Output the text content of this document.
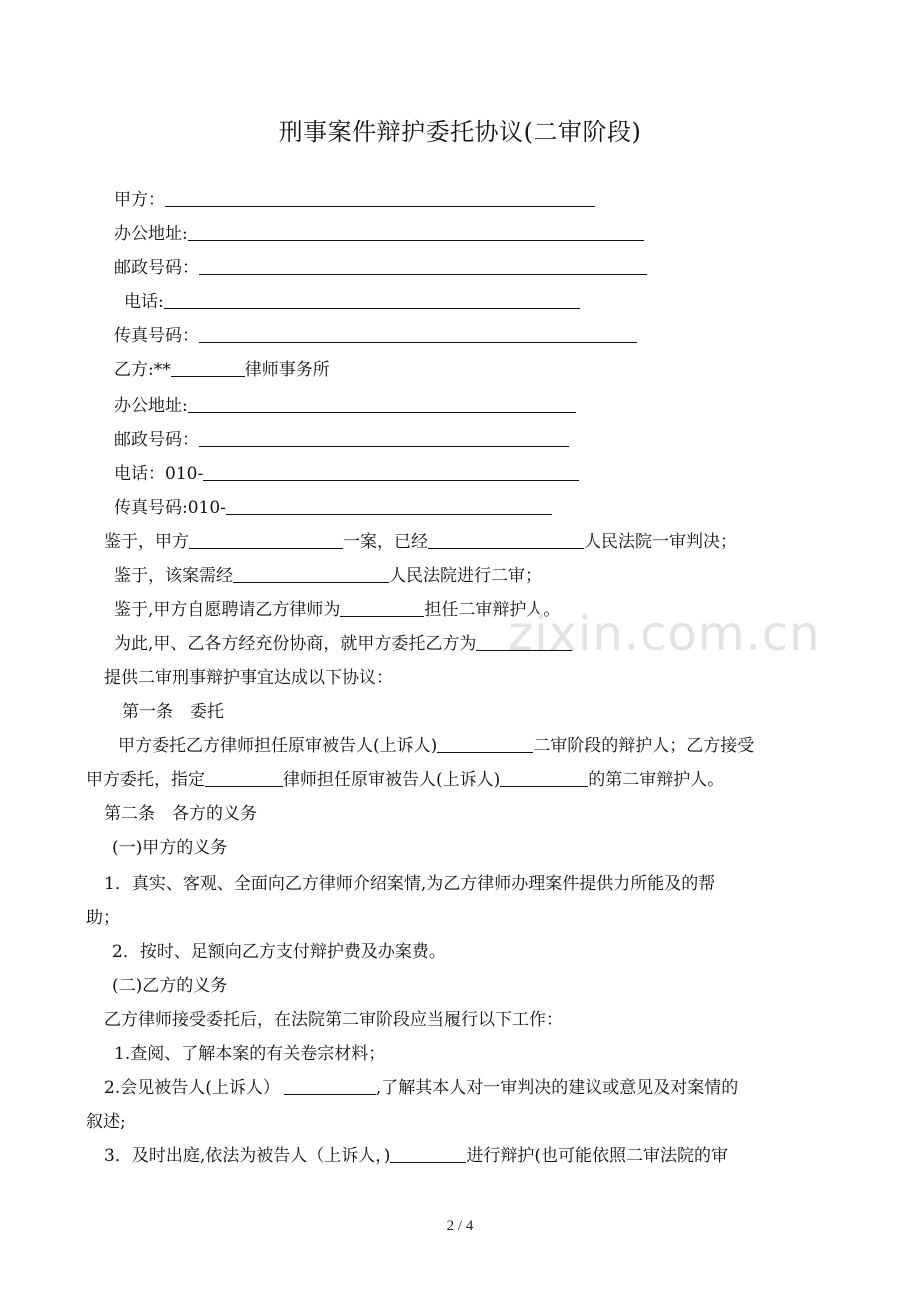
刑事案件辩护委托协议(二审阶段)
甲方：
办公地址:
邮政号码：
电话:
传真号码：
乙方:**	律师事务所
办公地址:
邮政号码：
电话：010-
传真号码:010-
鉴于，甲方	一案，已经	人民法院一审判决；
鉴于，该案需经	人民法院进行二审；
鉴于,甲方自愿聘请乙方律师为	担任二审辩护人。
为此,甲、乙各方经充份协商，就甲方委托乙方为
提供二审刑事辩护事宜达成以下协议：
第一条　委托
甲方委托乙方律师担任原审被告人(上诉人)	二审阶段的辩护人；乙方接受
甲方委托，指定	律师担任原审被告人(上诉人)	的第二审辩护人。
第二条　各方的义务
(一)甲方的义务
1．真实、客观、全面向乙方律师介绍案情,为乙方律师办理案件提供力所能及的帮
助；
2．按时、足额向乙方支付辩护费及办案费。
(二)乙方的义务
乙方律师接受委托后，在法院第二审阶段应当履行以下工作：
1.查阅、了解本案的有关卷宗材料；
2.会见被告人(上诉人）	,了解其本人对一审判决的建议或意见及对案情的
叙述;
3．及时出庭,依法为被告人（上诉人，)	进行辩护(也可能依照二审法院的审
zixin.com.cn
2 / 4
